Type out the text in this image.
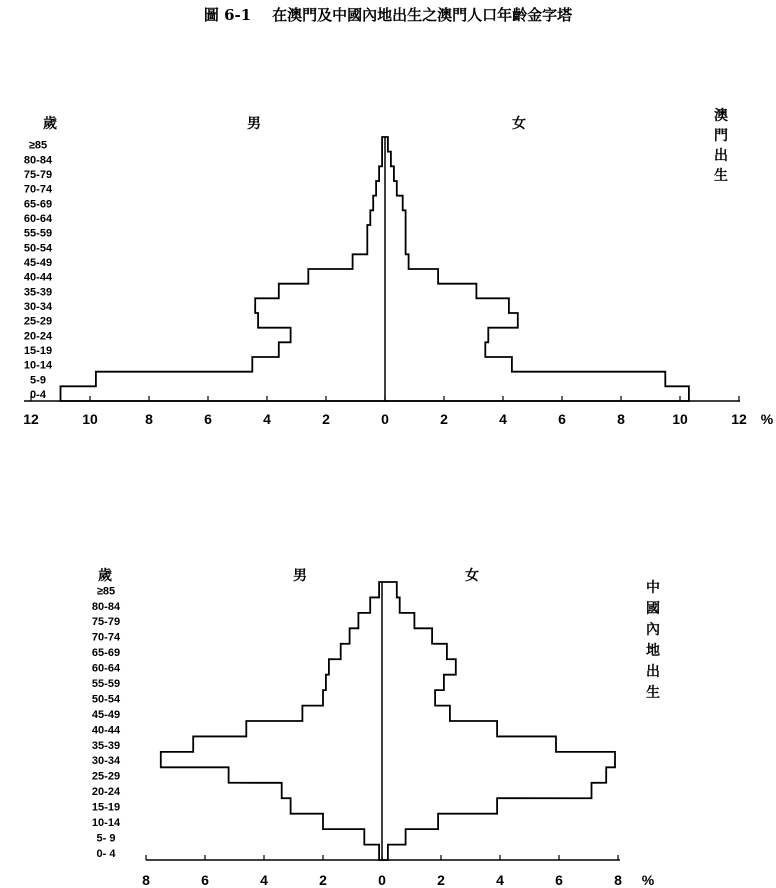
圖 6-1    在澳門及中國內地出生之澳門人口年齡金字塔
0-4
5-9
10-14
15-19
20-24
25-29
30-34
35-39
40-44
45-49
50-54
55-59
60-64
65-69
70-74
75-79
80-84
≥85
12	10	8	6	4	2	0	2	4	6	8	10	12 %
歲	男	女	澳門出生
0- 4
5- 9
10-14
15-19
20-24
25-29
30-34
35-39
40-44
45-49
50-54
55-59
60-64
65-69
70-74
75-79
80-84
≥85
8	6	4	2	0	2	4	6	8 %
歲	男	女
中國內地出生
